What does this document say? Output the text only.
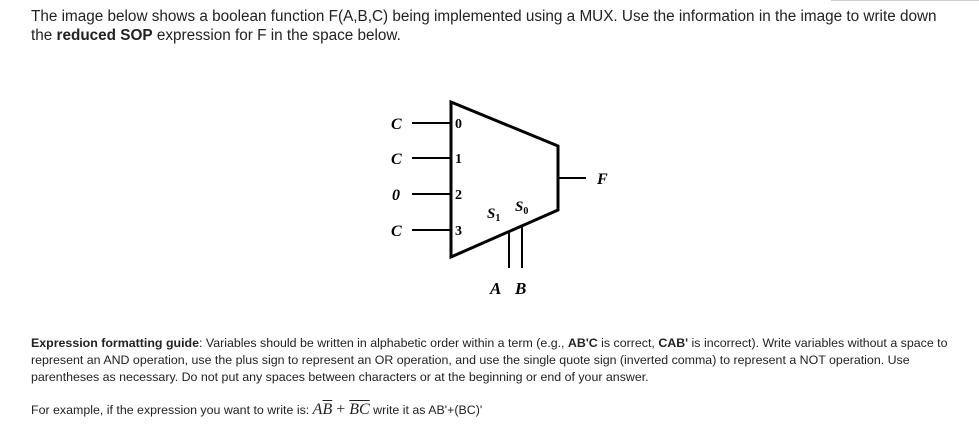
The image below shows a boolean function F(A,B,C) being implemented using a MUX. Use the information in the image to write down the reduced SOP expression for F in the space below.
C
C
0
C
0
1
2
3
$S_1$
$S_0$
A B
F
Expression formatting guide: Variables should be written in alphabetic order within a term (e.g., AB'C is correct, CAB' is incorrect). Write variables without a space to represent an AND operation, use the plus sign to represent an OR operation, and use the single quote sign (inverted comma) to represent a NOT operation. Use parentheses as necessary. Do not put any spaces between characters or at the beginning or end of your answer.
For example, if the expression you want to write is: $A\overline{B} + \overline{BC}$ write it as AB'+(BC)'
